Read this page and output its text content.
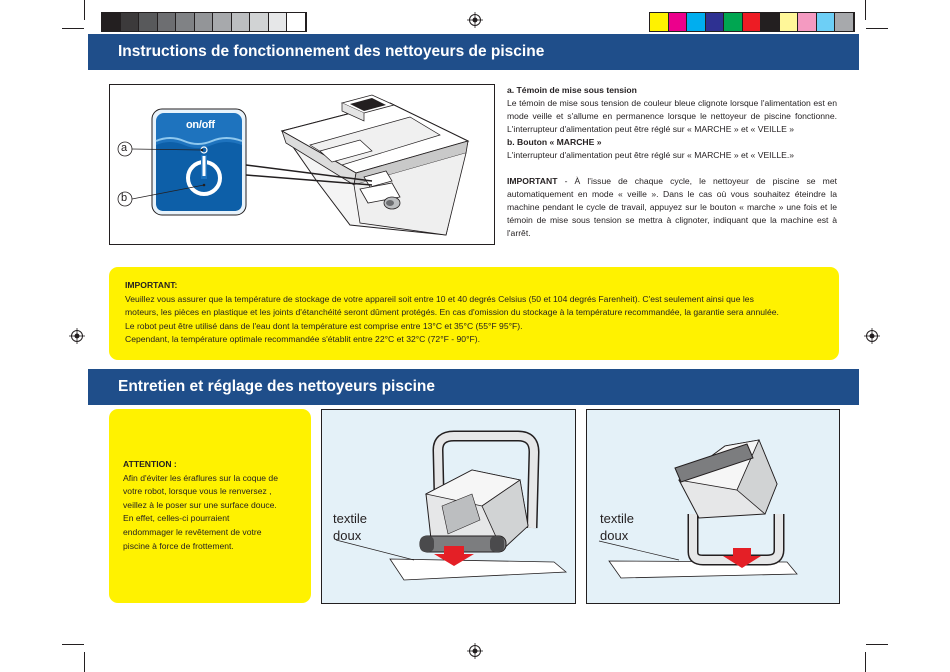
Instructions de fonctionnement des nettoyeurs de piscine
on/off
a
b

a. Témoin de mise sous tension

Le témoin de mise sous tension de couleur bleue clignote lorsque l'alimentation est en mode veille et s'allume en permanence lorsque le nettoyeur de piscine fonctionne. L'interrupteur d'alimentation peut être réglé sur « MARCHE » et « VEILLE »

b. Bouton « MARCHE »

L'interrupteur d'alimentation peut être réglé sur « MARCHE » et « VEILLE.»

IMPORTANT - À l'issue de chaque cycle, le nettoyeur de piscine se met automatiquement en mode « veille ». Dans le cas où vous souhaitez éteindre la machine pendant le cycle de travail, appuyez sur le bouton « marche » une fois et le témoin de mise sous tension se mettra à clignoter, indiquant que la machine est à l'arrêt.

IMPORTANT:
Veuillez vous assurer que la température de stockage de votre appareil soit entre 10 et 40 degrés Celsius (50 et 104 degrés Farenheit). C'est seulement ainsi que les
moteurs, les pièces en plastique et les joints d'étanchéité seront dûment protégés. En cas d'omission du stockage à la température recommandée, la garantie sera annulée.
Le robot peut être utilisé dans de l'eau dont la température est comprise entre 13°C et 35°C (55°F 95°F).
Cependant, la température optimale recommandée s'établit entre 22°C et 32°C (72°F - 90°F).
Entretien et réglage des nettoyeurs piscine
ATTENTION :
Afin d'éviter les éraflures sur la coque de
votre robot, lorsque vous le renversez ,
veillez à le poser sur une surface douce.
En effet, celles-ci pourraient
endommager le revêtement de votre
piscine à force de frottement.
textile
doux
textile
doux
